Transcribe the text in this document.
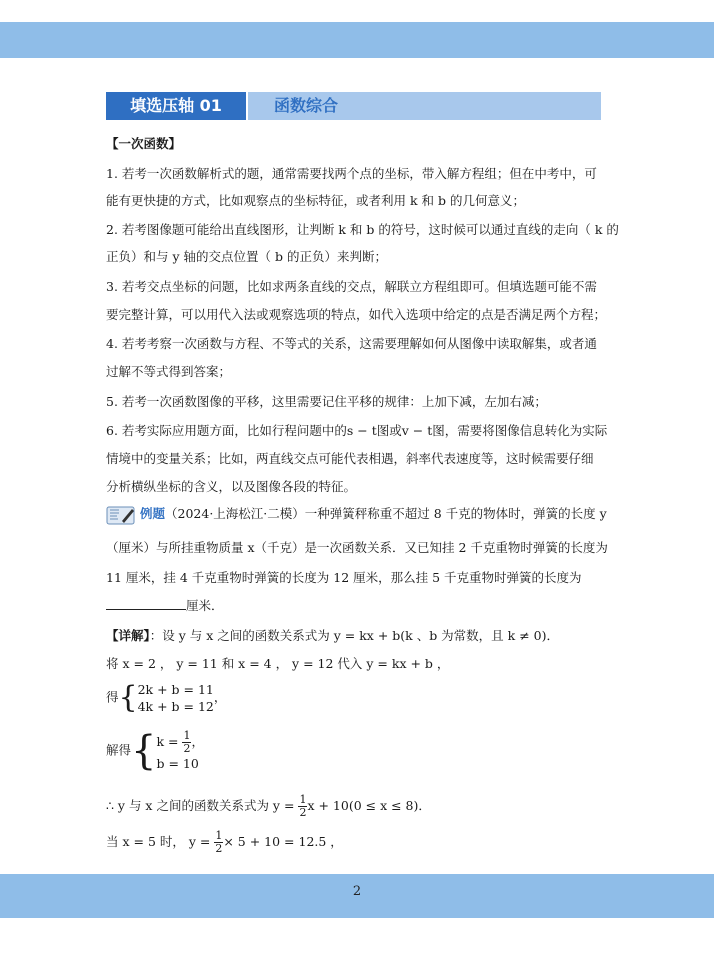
填选压轴 01	函数综合
【一次函数】
1. 若考一次函数解析式的题，通常需要找两个点的坐标，带入解方程组；但在中考中，可
能有更快捷的方式，比如观察点的坐标特征，或者利用 k 和 b 的几何意义；
2. 若考图像题可能给出直线图形，让判断 k 和 b 的符号，这时候可以通过直线的走向（ k 的
正负）和与 y 轴的交点位置（ b 的正负）来判断；
3. 若考交点坐标的问题，比如求两条直线的交点，解联立方程组即可。但填选题可能不需
要完整计算，可以用代入法或观察选项的特点，如代入选项中给定的点是否满足两个方程；
4. 若考考察一次函数与方程、不等式的关系，这需要理解如何从图像中读取解集，或者通
过解不等式得到答案；
5. 若考一次函数图像的平移，这里需要记住平移的规律：上加下减，左加右减；
6. 若考实际应用题方面，比如行程问题中的s − t图或v − t图，需要将图像信息转化为实际
情境中的变量关系；比如，两直线交点可能代表相遇，斜率代表速度等，这时候需要仔细
分析横纵坐标的含义，以及图像各段的特征。
例题（2024·上海松江·二模）一种弹簧秤称重不超过 8 千克的物体时，弹簧的长度 y
（厘米）与所挂重物质量 x（千克）是一次函数关系．又已知挂 2 千克重物时弹簧的长度为
11 厘米，挂 4 千克重物时弹簧的长度为 12 厘米，那么挂 5 千克重物时弹簧的长度为
厘米．
【详解】：设 y 与 x 之间的函数关系式为 y = kx + b(k 、b 为常数，且 k ≠ 0)．
将 x = 2 ， y = 11 和 x = 4 ， y = 12 代入 y = kx + b ，
得{ 2k + b = 11
4k + b = 12
，
解得{ $k = \frac{1}{2}$ ，
b = 10
∴ y 与 x 之间的函数关系式为 $y = \frac{1}{2}$ x + 10(0 ≤ x ≤ 8)．
当 x = 5 时， $y = \frac{1}{2} \times 5 + 10 = 12.5$ ，
2
